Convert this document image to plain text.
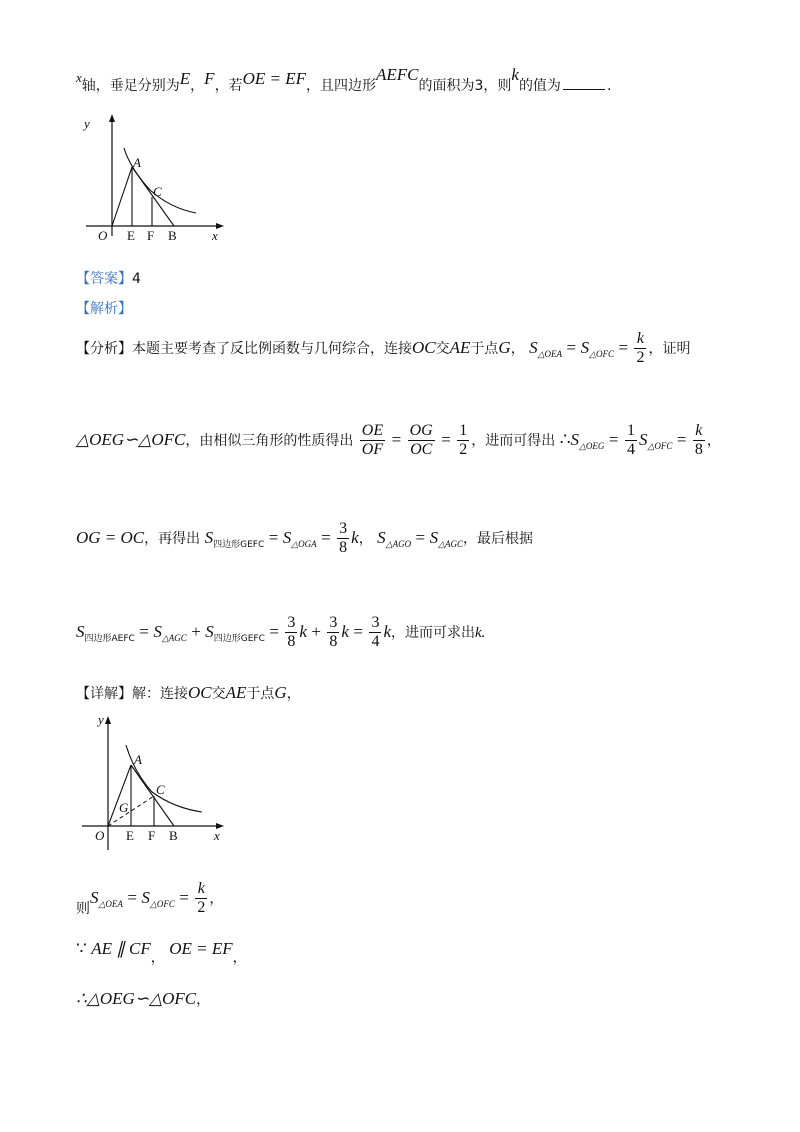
x轴，垂足分别为E，F，若OE = EF，且四边形AEFC的面积为3，则k的值为	.
y
A
C
O E F B	x
【答案】4
【解析】
【分析】本题主要考查了反比例函数与几何综合，连接OC交AE于点G， $S_{\triangle OEA} = S_{\triangle OFC} = \frac{k}{2}$ ，证明
△OEG∽△OFC，由相似三角形的性质得出 $\frac{OE}{OF} = \frac{OG}{OC} = \frac{1}{2}$ ，进而可得出 $\therefore S_{\triangle OEG} = \frac{1}{4} S_{\triangle OFC} = \frac{k}{8}$ ，
OG = OC，再得出 $S_{四边形GEFC} = S_{\triangle OGA} = \frac{3}{8}$ k， $S_{\triangle AGO} = S_{\triangle AGC}$，最后根据
$S_{四边形AEFC} = S_{\triangle AGC} + S_{四边形GEFC} = \frac{3}{8}$ $k + \frac{3}{8}$ $k = \frac{3}{4}$ k，进而可求出k.
【详解】解：连接OC交AE于点G，
y
A
C
G
O E F B	x
则$S_{\triangle OEA} = S_{\triangle OFC} = \frac{k}{2}$ ，
∵ AE ∥ CF， OE = EF，
∴△OEG∽△OFC，
